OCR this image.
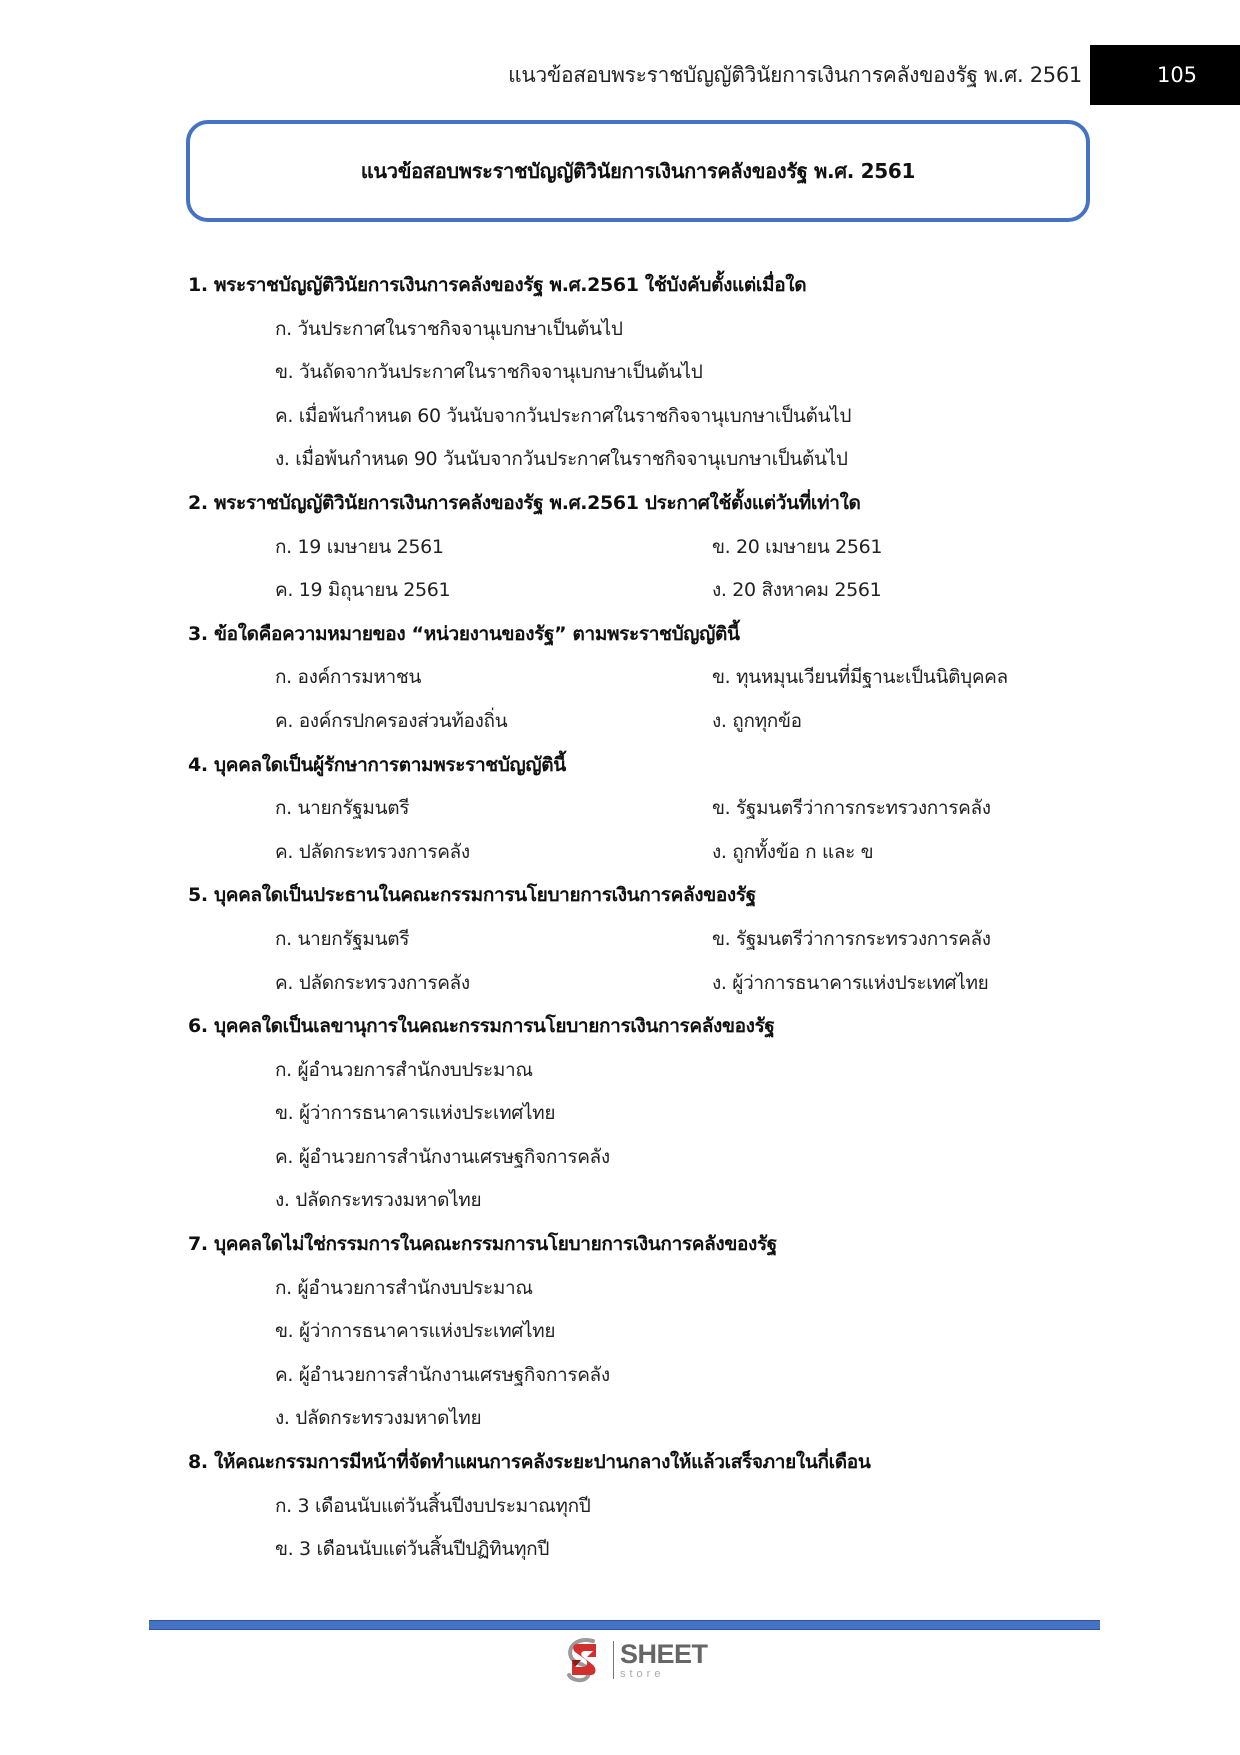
แนวข้อสอบพระราชบัญญัติวินัยการเงินการคลังของรัฐ พ.ศ. 2561	105
แนวข้อสอบพระราชบัญญัติวินัยการเงินการคลังของรัฐ พ.ศ. 2561
1. พระราชบัญญัติวินัยการเงินการคลังของรัฐ พ.ศ.2561 ใช้บังคับตั้งแต่เมื่อใด
ก. วันประกาศในราชกิจจานุเบกษาเป็นต้นไป
ข. วันถัดจากวันประกาศในราชกิจจานุเบกษาเป็นต้นไป
ค. เมื่อพ้นกำหนด 60 วันนับจากวันประกาศในราชกิจจานุเบกษาเป็นต้นไป
ง. เมื่อพ้นกำหนด 90 วันนับจากวันประกาศในราชกิจจานุเบกษาเป็นต้นไป
2. พระราชบัญญัติวินัยการเงินการคลังของรัฐ พ.ศ.2561 ประกาศใช้ตั้งแต่วันที่เท่าใด
ก. 19 เมษายน 2561	ข. 20 เมษายน 2561
ค. 19 มิถุนายน 2561	ง. 20 สิงหาคม 2561
3. ข้อใดคือความหมายของ “หน่วยงานของรัฐ” ตามพระราชบัญญัตินี้
ก. องค์การมหาชน	ข. ทุนหมุนเวียนที่มีฐานะเป็นนิติบุคคล
ค. องค์กรปกครองส่วนท้องถิ่น	ง. ถูกทุกข้อ
4. บุคคลใดเป็นผู้รักษาการตามพระราชบัญญัตินี้
ก. นายกรัฐมนตรี	ข. รัฐมนตรีว่าการกระทรวงการคลัง
ค. ปลัดกระทรวงการคลัง	ง. ถูกทั้งข้อ ก และ ข
5. บุคคลใดเป็นประธานในคณะกรรมการนโยบายการเงินการคลังของรัฐ
ก. นายกรัฐมนตรี	ข. รัฐมนตรีว่าการกระทรวงการคลัง
ค. ปลัดกระทรวงการคลัง	ง. ผู้ว่าการธนาคารแห่งประเทศไทย
6. บุคคลใดเป็นเลขานุการในคณะกรรมการนโยบายการเงินการคลังของรัฐ
ก. ผู้อำนวยการสำนักงบประมาณ
ข. ผู้ว่าการธนาคารแห่งประเทศไทย
ค. ผู้อำนวยการสำนักงานเศรษฐกิจการคลัง
ง. ปลัดกระทรวงมหาดไทย
7. บุคคลใดไม่ใช่กรรมการในคณะกรรมการนโยบายการเงินการคลังของรัฐ
ก. ผู้อำนวยการสำนักงบประมาณ
ข. ผู้ว่าการธนาคารแห่งประเทศไทย
ค. ผู้อำนวยการสำนักงานเศรษฐกิจการคลัง
ง. ปลัดกระทรวงมหาดไทย
8. ให้คณะกรรมการมีหน้าที่จัดทำแผนการคลังระยะปานกลางให้แล้วเสร็จภายในกี่เดือน
ก. 3 เดือนนับแต่วันสิ้นปีงบประมาณทุกปี
ข. 3 เดือนนับแต่วันสิ้นปีปฏิทินทุกปี
SHEET
store
